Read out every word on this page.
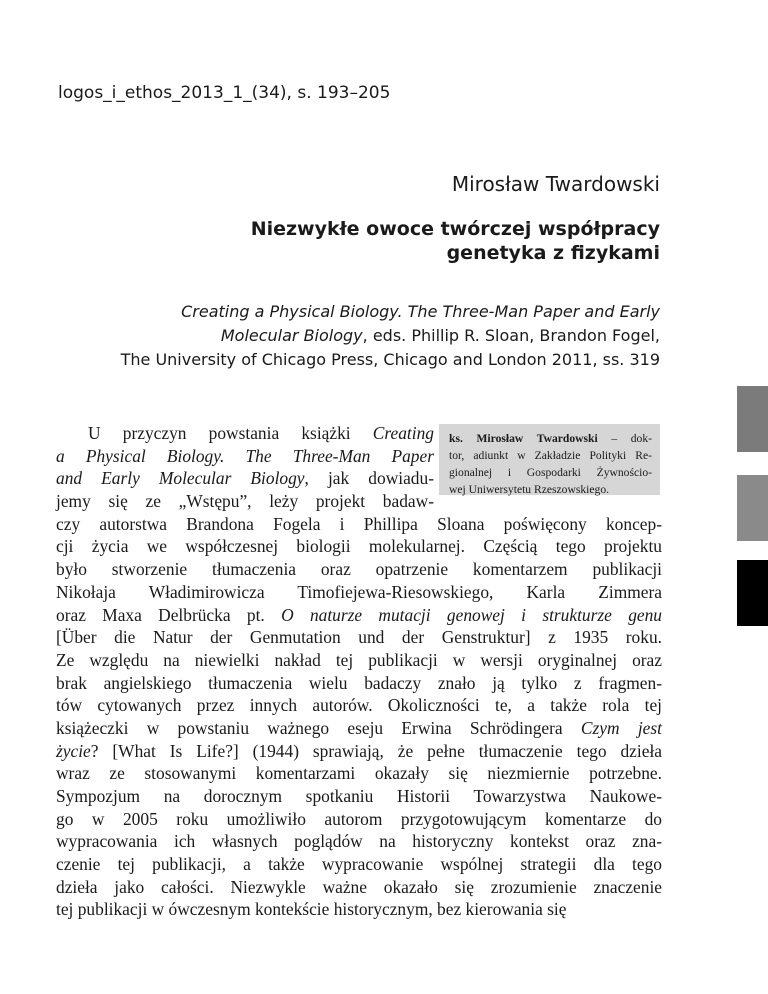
logos_i_ethos_2013_1_(34), s. 193–205
Mirosław Twardowski
Niezwykłe owoce twórczej współpracy
genetyka z fizykami
Creating a Physical Biology. The Three-Man Paper and Early
Molecular Biology, eds. Phillip R. Sloan, Brandon Fogel,
The University of Chicago Press, Chicago and London 2011, ss. 319
ks. Mirosław Twardowski – dok-
tor, adiunkt w Zakładzie Polityki Re-
gionalnej i Gospodarki Żywnościo-
wej Uniwersytetu Rzeszowskiego.
U przyczyn powstania książki Creating
a Physical Biology. The Three-Man Paper
and Early Molecular Biology, jak dowiadu-
jemy się ze „Wstępu”, leży projekt badaw-
czy autorstwa Brandona Fogela i Phillipa Sloana poświęcony koncep-
cji życia we współczesnej biologii molekularnej. Częścią tego projektu
było stworzenie tłumaczenia oraz opatrzenie komentarzem publikacji
Nikołaja Władimirowicza Timofiejewa-Riesowskiego, Karla Zimmera
oraz Maxa Delbrücka pt. O naturze mutacji genowej i strukturze genu
[Über die Natur der Genmutation und der Genstruktur] z 1935 roku.
Ze względu na niewielki nakład tej publikacji w wersji oryginalnej oraz
brak angielskiego tłumaczenia wielu badaczy znało ją tylko z fragmen-
tów cytowanych przez innych autorów. Okoliczności te, a także rola tej
książeczki w powstaniu ważnego eseju Erwina Schrödingera Czym jest
życie? [What Is Life?] (1944) sprawiają, że pełne tłumaczenie tego dzieła
wraz ze stosowanymi komentarzami okazały się niezmiernie potrzebne.
Sympozjum na dorocznym spotkaniu Historii Towarzystwa Naukowe-
go w 2005 roku umożliwiło autorom przygotowującym komentarze do
wypracowania ich własnych poglądów na historyczny kontekst oraz zna-
czenie tej publikacji, a także wypracowanie wspólnej strategii dla tego
dzieła jako całości. Niezwykle ważne okazało się zrozumienie znaczenie
tej publikacji w ówczesnym kontekście historycznym, bez kierowania się
